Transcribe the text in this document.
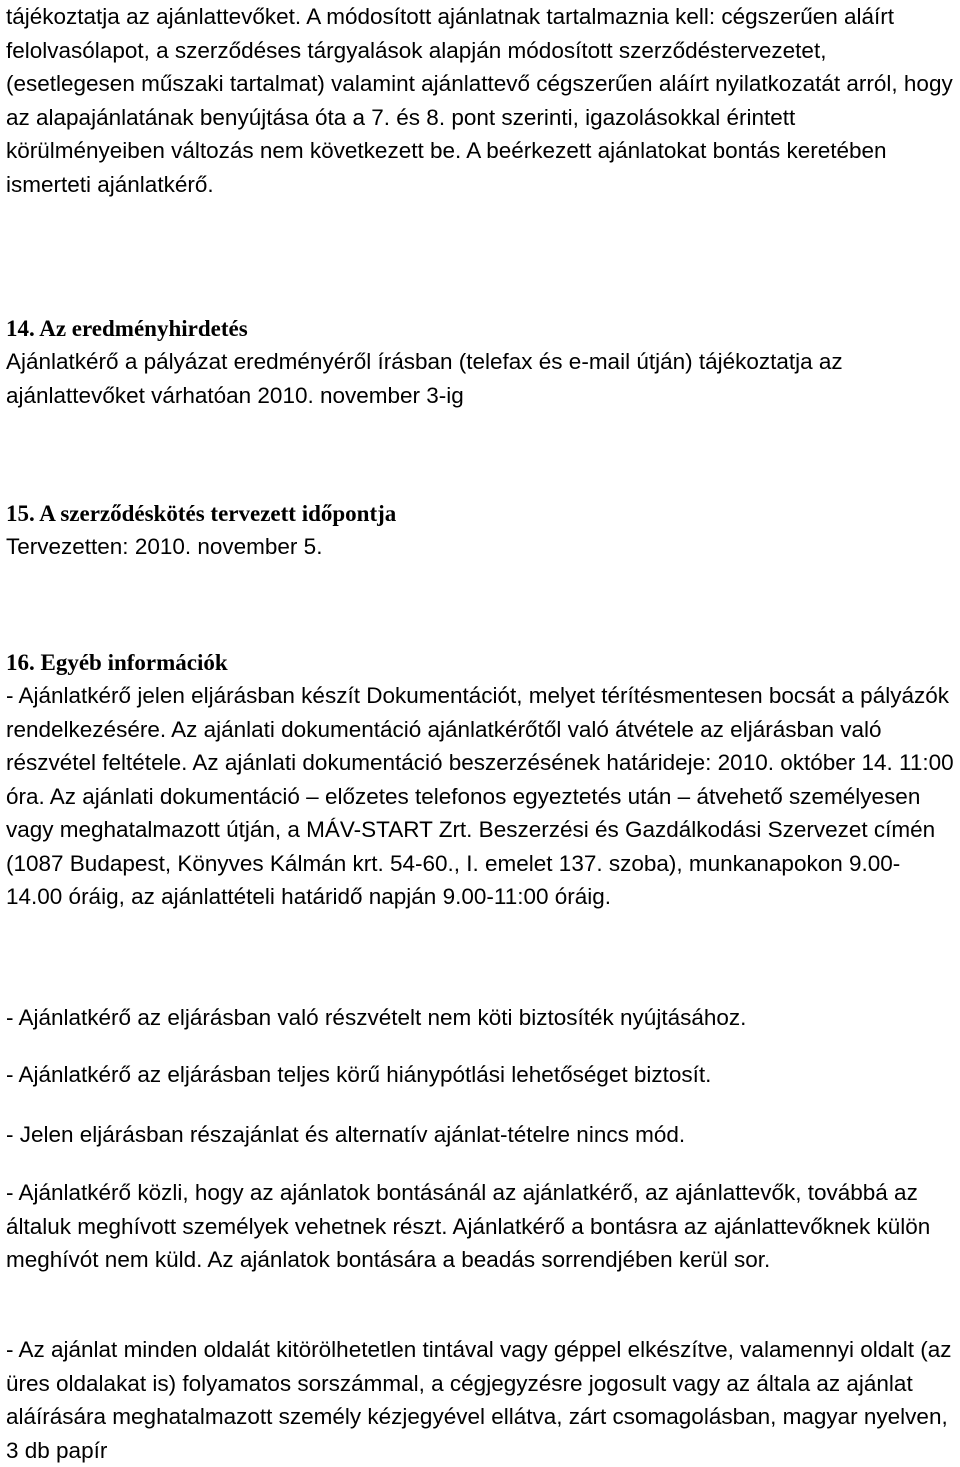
tájékoztatja az ajánlattevőket. A módosított ajánlatnak tartalmaznia kell: cégszerűen aláírt felolvasólapot, a szerződéses tárgyalások alapján módosított szerződéstervezetet, (esetlegesen műszaki tartalmat) valamint ajánlattevő cégszerűen aláírt nyilatkozatát arról, hogy az alapajánlatának benyújtása óta a 7. és 8. pont szerinti, igazolásokkal érintett körülményeiben változás nem következett be. A beérkezett ajánlatokat bontás keretében ismerteti ajánlatkérő.

14. Az eredményhirdetés

Ajánlatkérő a pályázat eredményéről írásban (telefax és e-mail útján) tájékoztatja az ajánlattevőket várhatóan 2010. november 3-ig

15. A szerződéskötés tervezett időpontja

Tervezetten: 2010. november 5.

16. Egyéb információk

- Ajánlatkérő jelen eljárásban készít Dokumentációt, melyet térítésmentesen bocsát a pályázók rendelkezésére. Az ajánlati dokumentáció ajánlatkérőtől való átvétele az eljárásban való részvétel feltétele. Az ajánlati dokumentáció beszerzésének határideje: 2010. október 14. 11:00 óra. Az ajánlati dokumentáció – előzetes telefonos egyeztetés után – átvehető személyesen vagy meghatalmazott útján, a MÁV-START Zrt. Beszerzési és Gazdálkodási Szervezet címén (1087 Budapest, Könyves Kálmán krt. 54-60., I. emelet 137. szoba), munkanapokon 9.00-14.00 óráig, az ajánlattételi határidő napján 9.00-11:00 óráig.

- Ajánlatkérő az eljárásban való részvételt nem köti biztosíték nyújtásához.

- Ajánlatkérő az eljárásban teljes körű hiánypótlási lehetőséget biztosít.

- Jelen eljárásban részajánlat és alternatív ajánlat-tételre nincs mód.

- Ajánlatkérő közli, hogy az ajánlatok bontásánál az ajánlatkérő, az ajánlattevők, továbbá az általuk meghívott személyek vehetnek részt. Ajánlatkérő a bontásra az ajánlattevőknek külön meghívót nem küld. Az ajánlatok bontására a beadás sorrendjében kerül sor.

- Az ajánlat minden oldalát kitörölhetetlen tintával vagy géppel elkészítve, valamennyi oldalt (az üres oldalakat is) folyamatos sorszámmal, a cégjegyzésre jogosult vagy az általa az ajánlat aláírására meghatalmazott személy kézjegyével ellátva, zárt csomagolásban, magyar nyelven, 3 db papír
